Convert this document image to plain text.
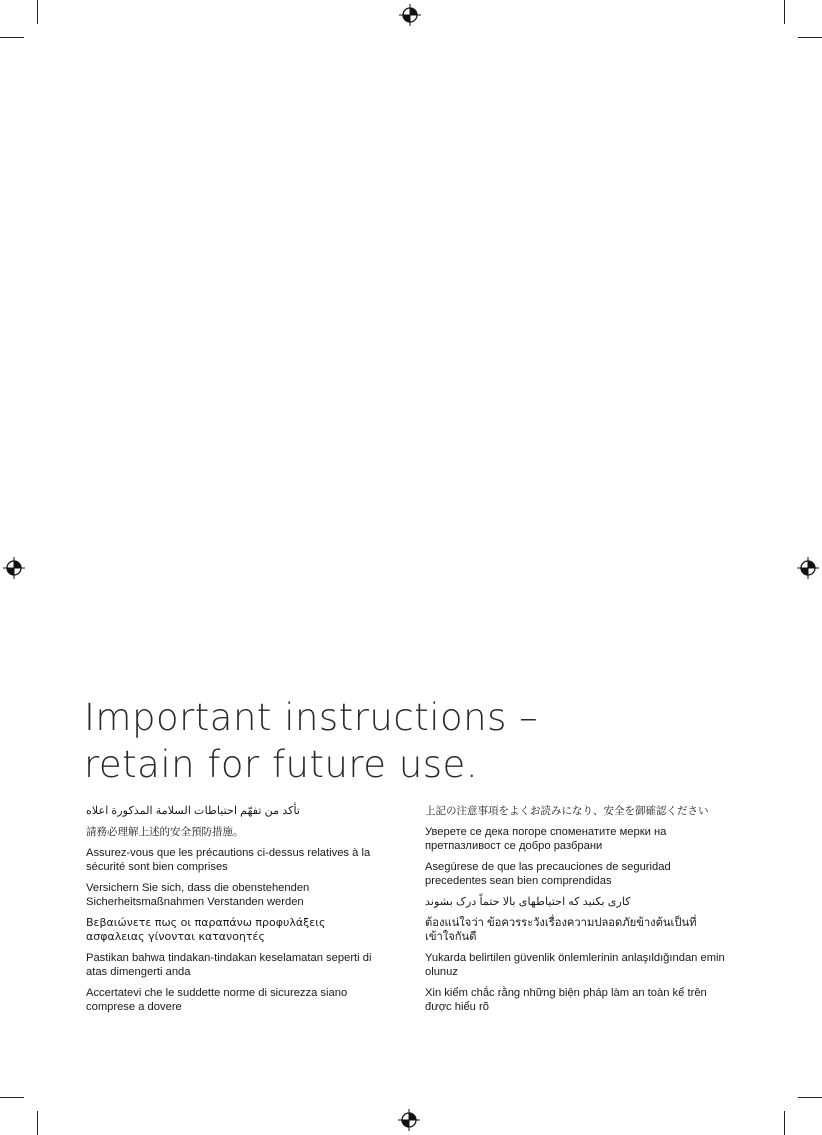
Important instructions –
retain for future use.

تأكد من تفهّم احتياطات السلامة المذكورة اعلاه

請務必理解上述的安全預防措施。

Assurez-vous que les précautions ci-dessus relatives à la sécurité sont bien comprises

Versichern Sie sich, dass die obenstehenden Sicherheitsmaßnahmen Verstanden werden

Βεβαιώνετε πως οι παραπάνω προφυλάξεις ασφαλειας γίνονται κατανοητές

Pastikan bahwa tindakan-tindakan keselamatan seperti di atas dimengerti anda

Accertatevi che le suddette norme di sicurezza siano comprese a dovere

上記の注意事項をよくお読みになり、安全を御確認ください

Уверете се дека погоре споменатите мерки на претпазливост се добро разбрани

Asegúrese de que las precauciones de seguridad precedentes sean bien comprendidas

کاری بکنید که احتیاطهای بالا حتماً درک بشوند

ต้องแน่ใจว่า ข้อควรระวังเรื่องความปลอดภัยข้างต้นเป็นที่เข้าใจกันดี

Yukarda belirtilen güvenlik önlemlerinin anlaşıldığından emin olunuz

Xin kiểm chắc rằng những biện pháp làm an toàn kể trên được hiểu rõ
